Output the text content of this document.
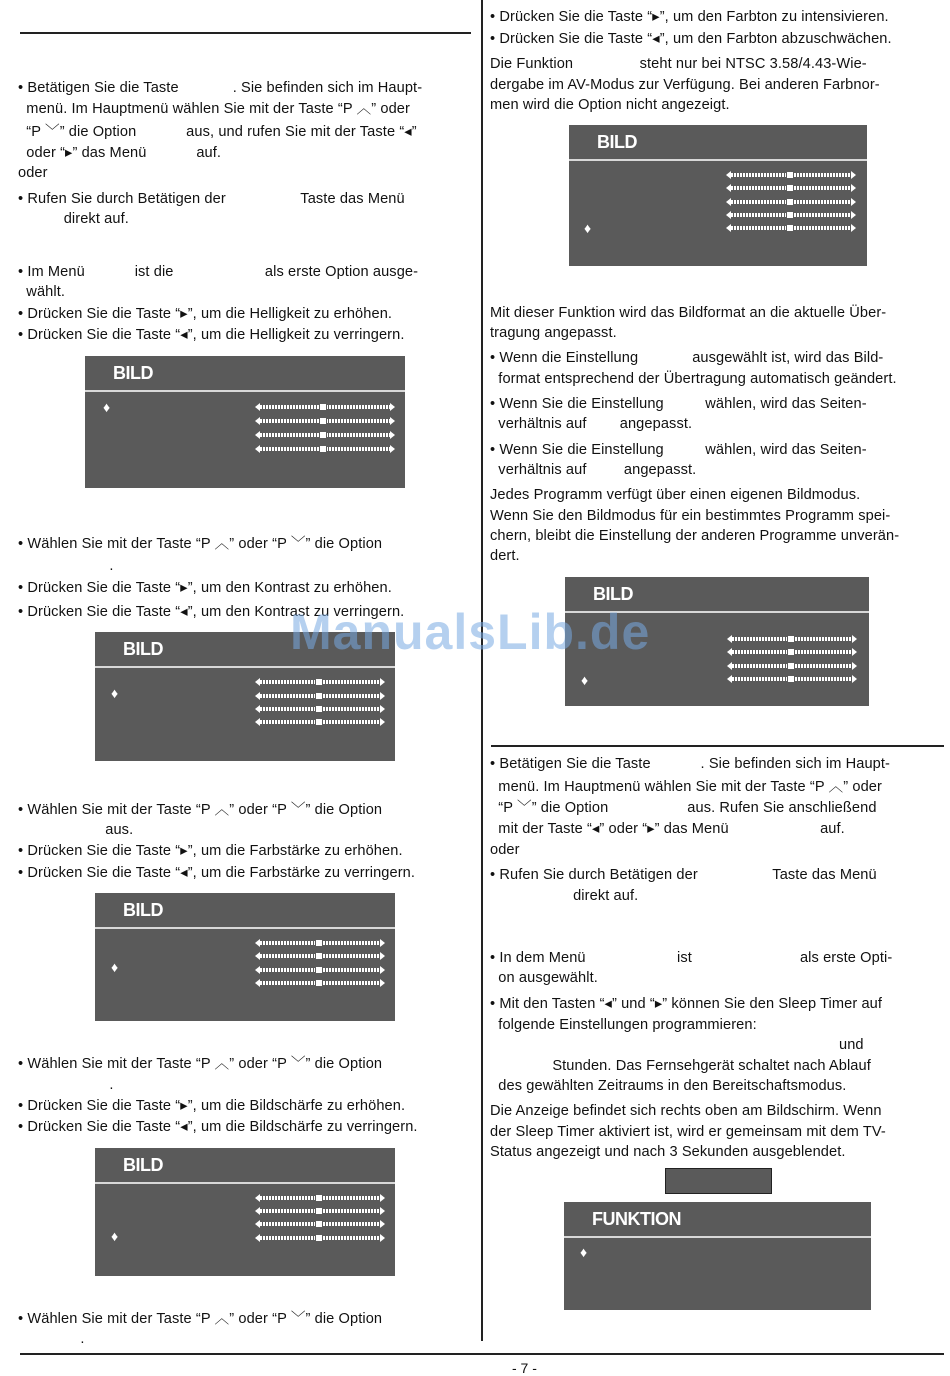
• Betätigen Sie die Taste             . Sie befinden sich im Haupt-
menü. Im Hauptmenü wählen Sie mit der Taste “P ︿” oder
“P ﹀” die Option            aus, und rufen Sie mit der Taste “◂”
oder “▸” das Menü            auf.
oder
• Rufen Sie durch Betätigen der                  Taste das Menü
direkt auf.
• Im Menü            ist die                      als erste Option ausge-
wählt.
• Drücken Sie die Taste “▸”, um die Helligkeit zu erhöhen.
• Drücken Sie die Taste “◂”, um die Helligkeit zu verringern.
• Wählen Sie mit der Taste “P ︿” oder “P ﹀” die Option
.
• Drücken Sie die Taste “▸”, um den Kontrast zu erhöhen.
• Drücken Sie die Taste “◂”, um den Kontrast zu verringern.
• Wählen Sie mit der Taste “P ︿” oder “P ﹀” die Option
aus.
• Drücken Sie die Taste “▸”, um die Farbstärke zu erhöhen.
• Drücken Sie die Taste “◂”, um die Farbstärke zu verringern.
• Wählen Sie mit der Taste “P ︿” oder “P ﹀” die Option
.
• Drücken Sie die Taste “▸”, um die Bildschärfe zu erhöhen.
• Drücken Sie die Taste “◂”, um die Bildschärfe zu verringern.
• Wählen Sie mit der Taste “P ︿” oder “P ﹀” die Option
.
BILD
♦
BILD
♦
BILD
♦
BILD
♦
• Drücken Sie die Taste “▸”, um den Farbton zu intensivieren.
• Drücken Sie die Taste “◂”, um den Farbton abzuschwächen.
Die Funktion                steht nur bei NTSC 3.58/4.43-Wie-
dergabe im AV-Modus zur Verfügung. Bei anderen Farbnor-
men wird die Option nicht angezeigt.
Mit dieser Funktion wird das Bildformat an die aktuelle Über-
tragung angepasst.
• Wenn die Einstellung             ausgewählt ist, wird das Bild-
format entsprechend der Übertragung automatisch geändert.
• Wenn Sie die Einstellung          wählen, wird das Seiten-
verhältnis auf        angepasst.
• Wenn Sie die Einstellung          wählen, wird das Seiten-
verhältnis auf         angepasst.
Jedes Programm verfügt über einen eigenen Bildmodus.
Wenn Sie den Bildmodus für ein bestimmtes Programm spei-
chern, bleibt die Einstellung der anderen Programme unverän-
dert.
• Betätigen Sie die Taste            . Sie befinden sich im Haupt-
menü. Im Hauptmenü wählen Sie mit der Taste “P ︿” oder
“P ﹀” die Option                   aus. Rufen Sie anschließend
mit der Taste “◂” oder “▸” das Menü                      auf.
oder
• Rufen Sie durch Betätigen der                  Taste das Menü
direkt auf.
• In dem Menü                      ist                          als erste Opti-
on ausgewählt.
• Mit den Tasten “◂” und “▸” können Sie den Sleep Timer auf
folgende Einstellungen programmieren:
und
Stunden. Das Fernsehgerät schaltet nach Ablauf
des gewählten Zeitraums in den Bereitschaftsmodus.
Die Anzeige befindet sich rechts oben am Bildschirm. Wenn
der Sleep Timer aktiviert ist, wird er gemeinsam mit dem TV-
Status angezeigt und nach 3 Sekunden ausgeblendet.
BILD
♦
BILD
♦
FUNKTION
♦
ManualsLib.de
- 7 -
